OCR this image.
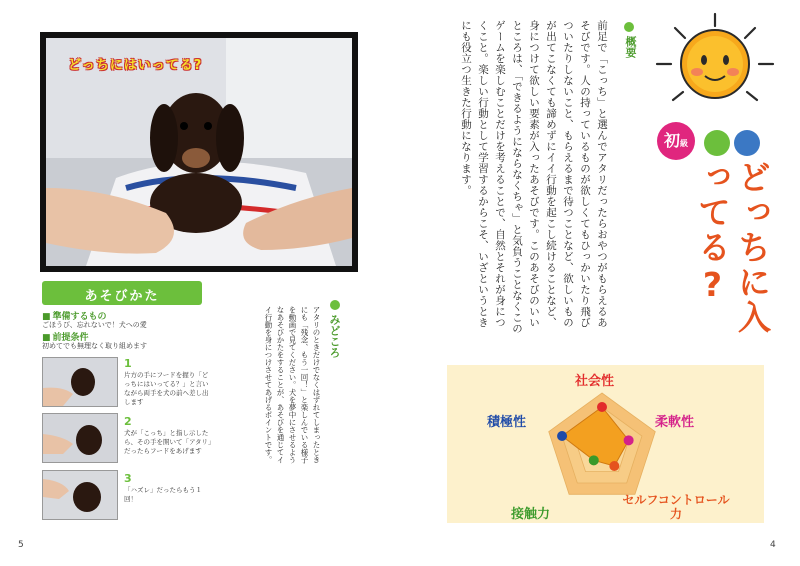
どっちにはいってる?
あそびかた
■ 準備するもの
ごほうび、忘れないで！犬への愛
■ 前提条件
初めてでも無理なく取り組めます
1
片方の手にフードを握り「どっちにはいってる？」と言いながら両手を犬の前へ差し出します
2
犬が「こっち」と指し示したら、その手を開いて「アタリ」だったらフードをあげます
3
「ハズレ」だったらもう１回！
みどころ
アタリのときだけでなくはずれてしまったときにも「残念、もう一回！」と楽しんでいる様子を動画で見てください。犬を夢中にさせるようなあそびかたをすることが、あそびを通じてイイ行動を身につけさせてあげるポイントです。
5
概要
前足で「こっち」と選んでアタリだったらおやつがもらえるあそびです。人の持っているものが欲しくてもひっかいたり飛びついたりしないこと、もらえるまで待つことなど、欲しいものが出てこなくても諦めずにイイ行動を起こし続けることなど、身につけて欲しい要素が入ったあそびです。このあそびのいいところは、「できるようにならなくちゃ」と気負うことなくこのゲームを楽しむことだけを考えることで、自然とそれが身につくこと。楽しい行動として学習するからこそ、いざというときにも役立つ生きた行動になります。	初級
どっちに入ってる?
社会性
柔軟性
セルフコントロール力
接触力
積極性
4
